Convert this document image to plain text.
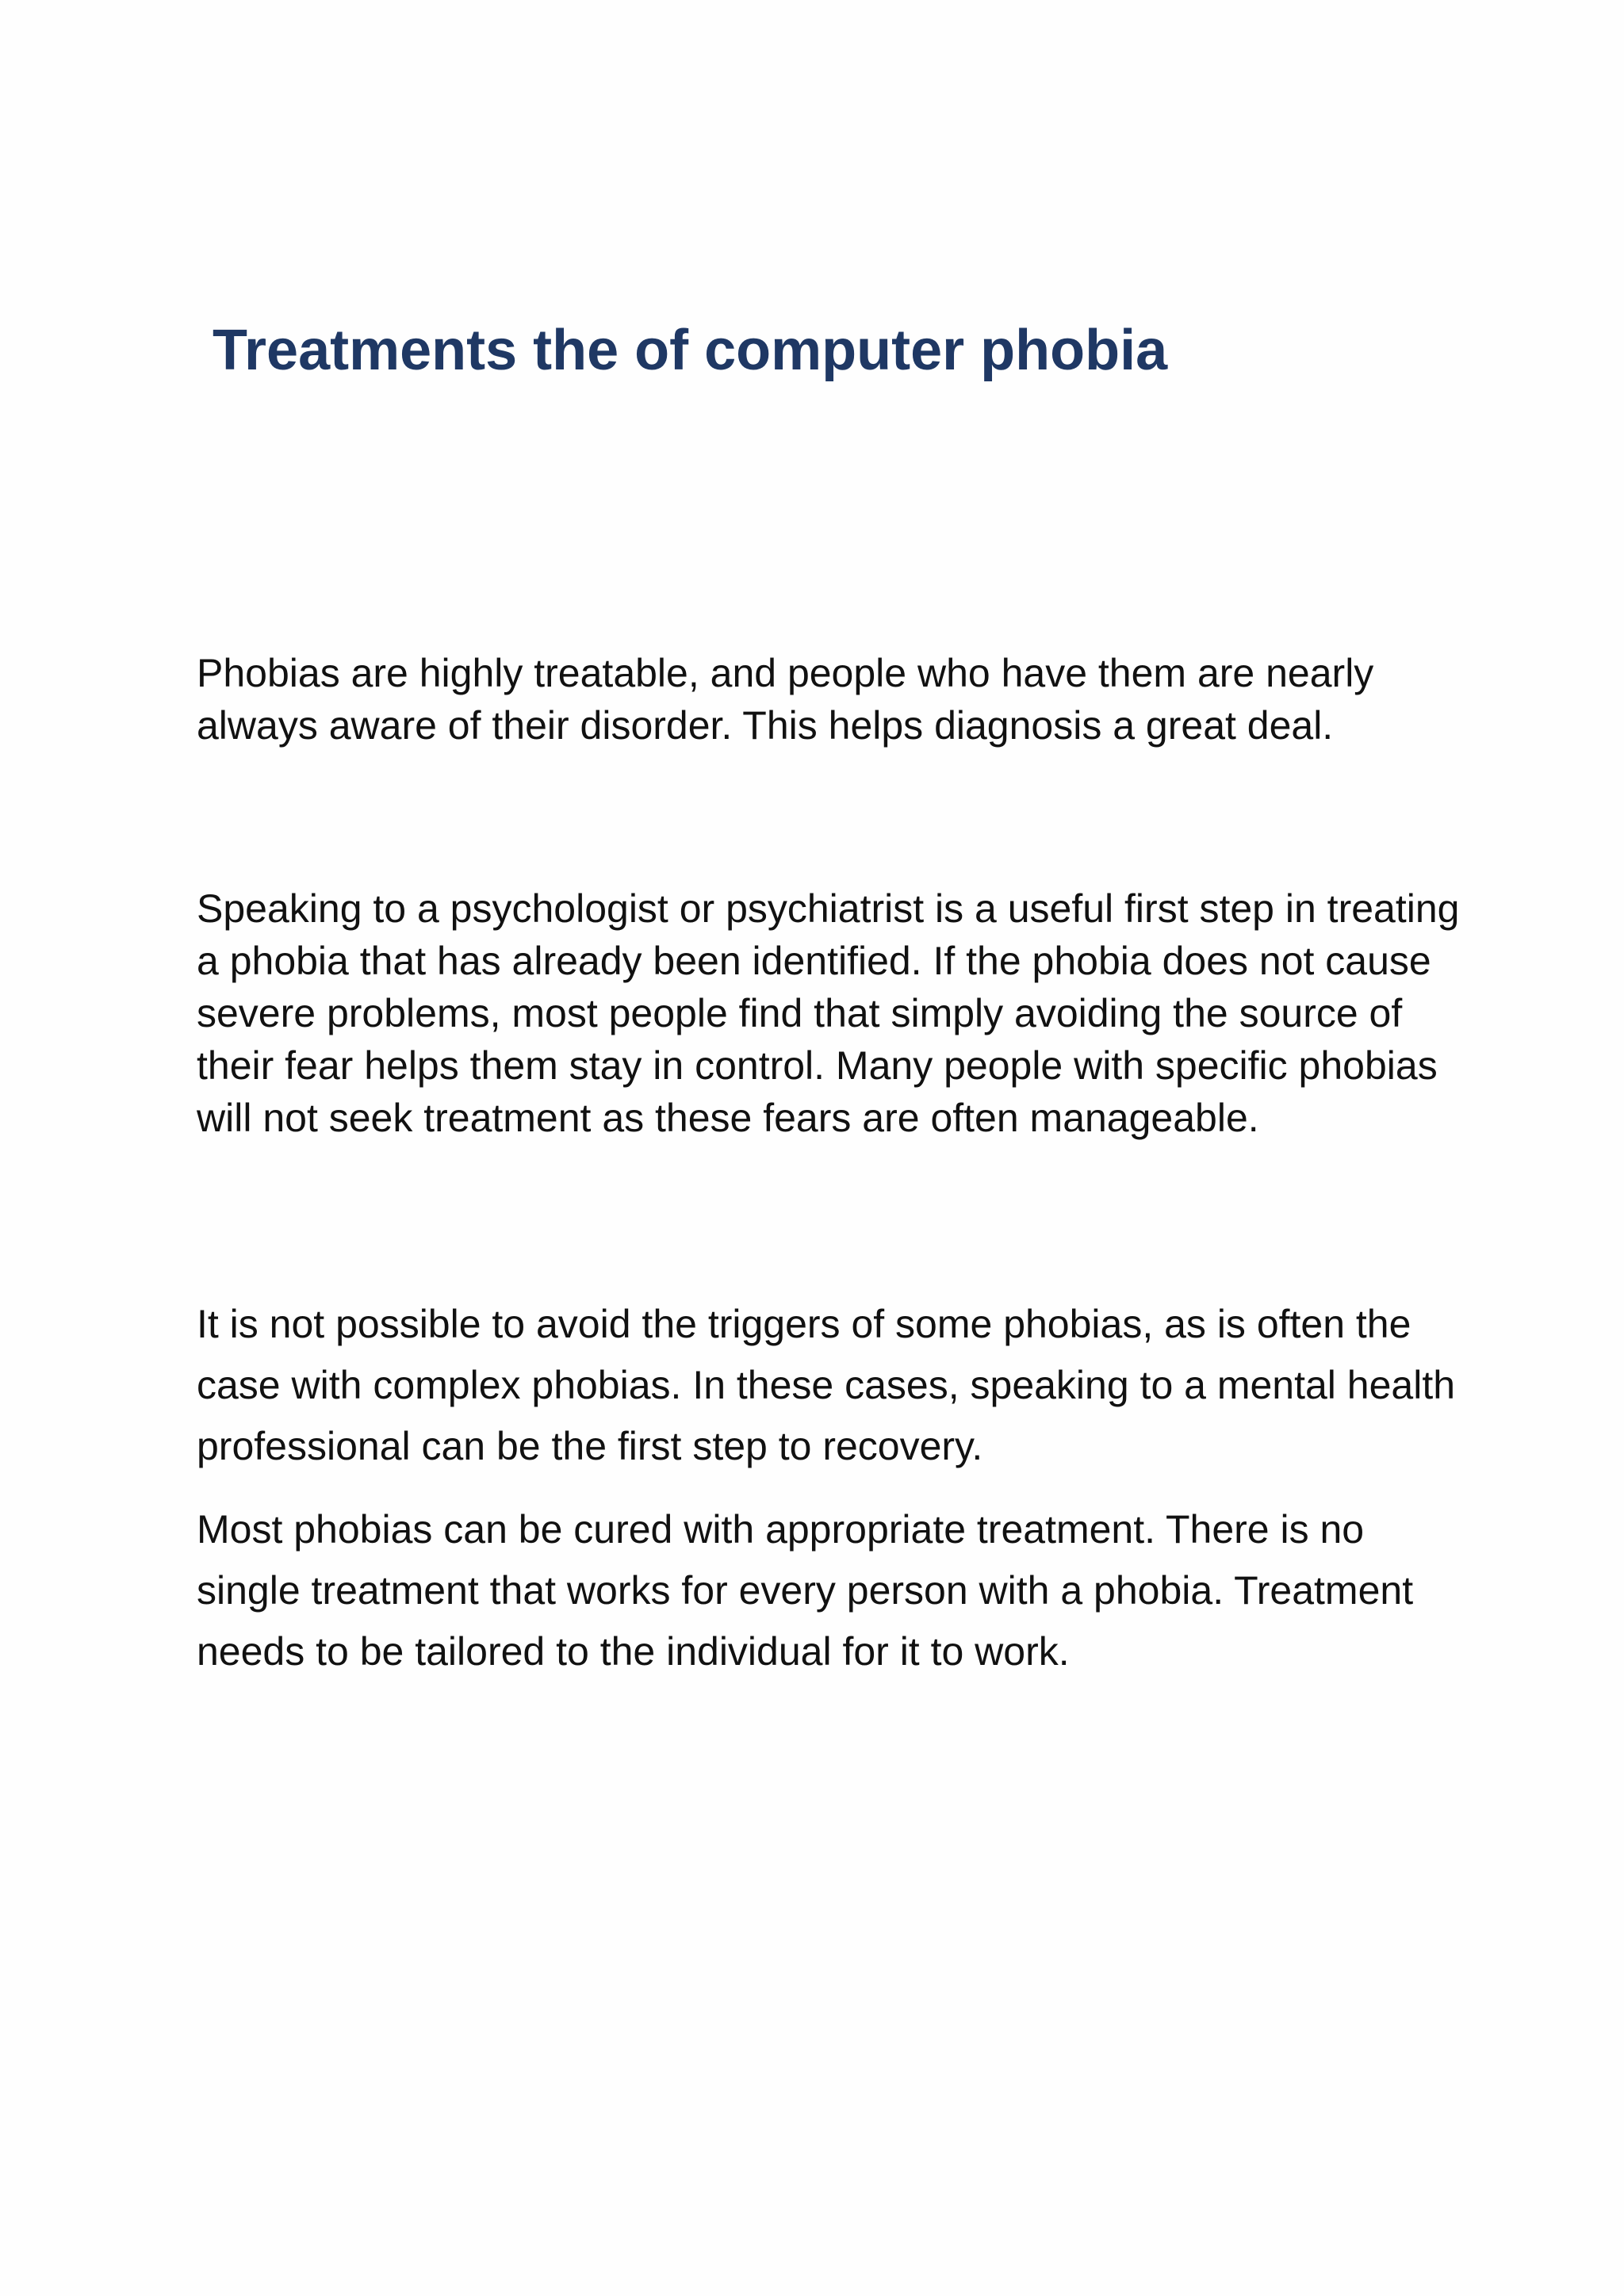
Treatments the of computer phobia

Phobias are highly treatable, and people who have them are nearly always aware of their disorder. This helps diagnosis a great deal.

Speaking to a psychologist or psychiatrist is a useful first step in treating a phobia that has already been identified. If the phobia does not cause severe problems, most people find that simply avoiding the source of their fear helps them stay in control. Many people with specific phobias will not seek treatment as these fears are often manageable.

It is not possible to avoid the triggers of some phobias, as is often the case with complex phobias. In these cases, speaking to a mental health professional can be the first step to recovery.

Most phobias can be cured with appropriate treatment. There is no single treatment that works for every person with a phobia. Treatment needs to be tailored to the individual for it to work.
